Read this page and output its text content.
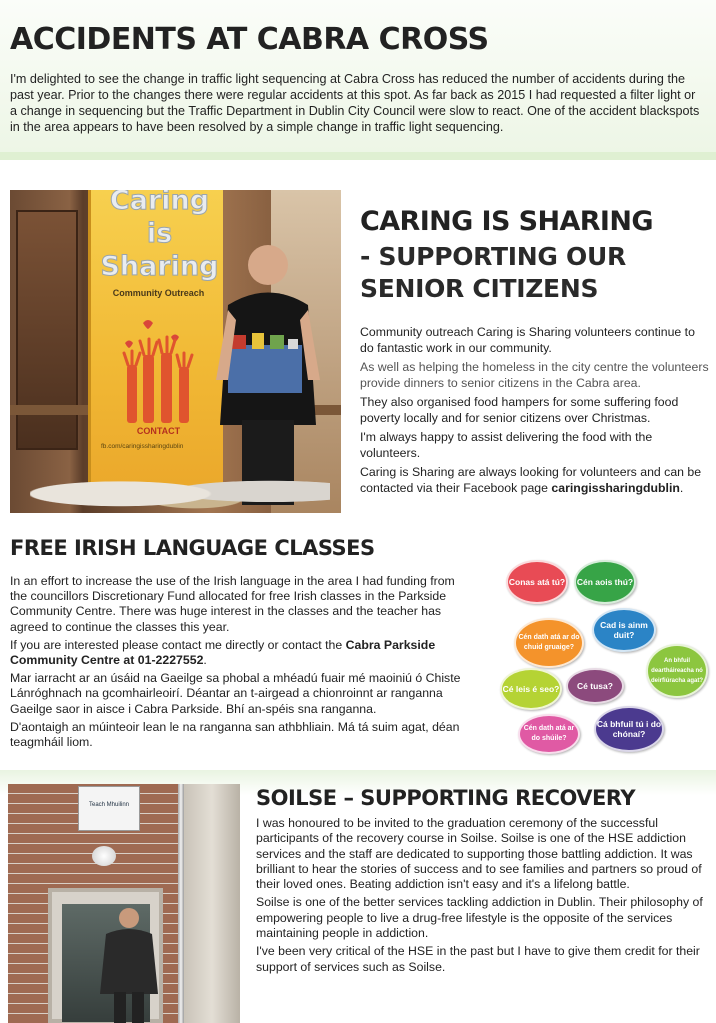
ACCIDENTS AT CABRA CROSS

I'm delighted to see the change in traffic light sequencing at Cabra Cross has reduced the number of accidents during the past year. Prior to the changes there were regular accidents at this spot. As far back as 2015 I had requested a filter light or a change in sequencing but the Traffic Department in Dublin City Council were slow to react. One of the accident blackspots in the area appears to have been resolved by a simple change in traffic light sequencing.

Caring is Sharing
Community Outreach
CONTACT
fb.com/caringissharingdublin
CARING IS SHARING
- SUPPORTING OUR SENIOR CITIZENS

Community outreach Caring is Sharing volunteers continue to do fantastic work in our community.

As well as helping the homeless in the city centre the volunteers provide dinners to senior citizens in the Cabra area.

They also organised food hampers for some suffering food poverty locally and for senior citizens over Christmas.

I'm always happy to assist delivering the food with the volunteers.

Caring is Sharing are always looking for volunteers and can be contacted via their Facebook page caringissharingdublin.

FREE IRISH LANGUAGE CLASSES

In an effort to increase the use of the Irish language in the area I had funding from the councillors Discretionary Fund allocated for free Irish classes in the Parkside Community Centre. There was huge interest in the classes and the teacher has agreed to continue the classes this year.

If you are interested please contact me directly or contact the Cabra Parkside Community Centre at 01-2227552.

Mar iarracht ar an úsáid na Gaeilge sa phobal a mhéadú fuair mé maoiniú ó Chiste Lánróghnach na gcomhairleoirí. Déantar an t-airgead a chionroinnt ar ranganna Gaeilge saor in aisce i Cabra Parkside. Bhí an-spéis sna ranganna.

D'aontaigh an múinteoir lean le na ranganna san athbhliain. Má tá suim agat, déan teagmháil liom.

Conas atá tú?	Cén aois thú?
Cén dath atá ar do chuid gruaige?
Cad is ainm duit?
An bhfuil deartháireacha nó deirfiúracha agat?
Cé leis é seo?	Cé tusa?
Cén dath atá ar do shúile?
Cá bhfuil tú i do chónaí?
Teach Mhuilinn	SOILSE – SUPPORTING RECOVERY

I was honoured to be invited to the graduation ceremony of the successful participants of the recovery course in Soilse. Soilse is one of the HSE addiction services and the staff are dedicated to supporting those battling addiction. It was brilliant to hear the stories of success and to see families and partners so proud of their loved ones. Beating addiction isn't easy and it's a lifelong battle.

Soilse is one of the better services tackling addiction in Dublin. Their philosophy of empowering people to live a drug-free lifestyle is the opposite of the services maintaining people in addiction.

I've been very critical of the HSE in the past but I have to give them credit for their support of services such as Soilse.
